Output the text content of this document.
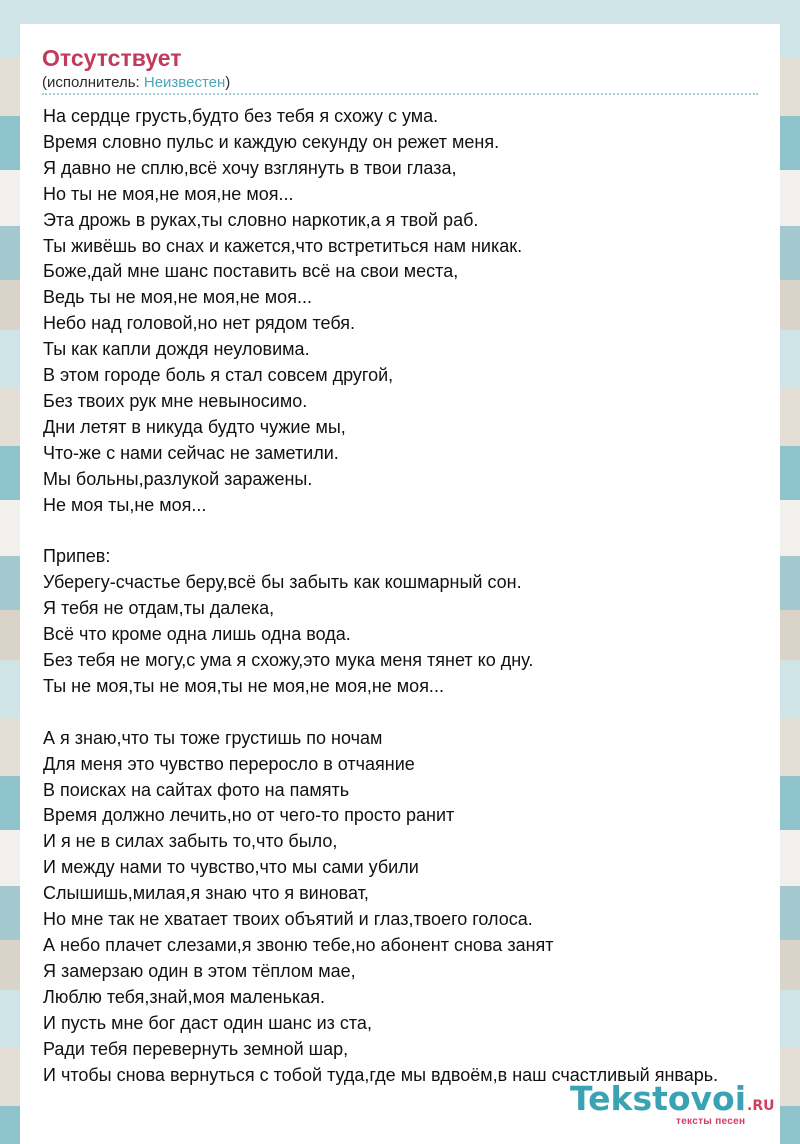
Отсутствует
(исполнитель: Неизвестен)
На сердце грусть,будто без тебя я схожу с ума.
Время словно пульс и каждую секунду он режет меня.
Я давно не сплю,всё хочу взглянуть в твои глаза,
Но ты не моя,не моя,не моя...
Эта дрожь в руках,ты словно наркотик,а я твой раб.
Ты живёшь во снах и кажется,что встретиться нам никак.
Боже,дай мне шанс поставить всё на свои места,
Ведь ты не моя,не моя,не моя...
Небо над головой,но нет рядом тебя.
Ты как капли дождя неуловима.
В этом городе боль я стал совсем другой,
Без твоих рук мне невыносимо.
Дни летят в никуда будто чужие мы,
Что-же с нами сейчас не заметили.
Мы больны,разлукой заражены.
Не моя ты,не моя...

Припев:
Уберегу-счастье беру,всё бы забыть как кошмарный сон.
Я тебя не отдам,ты далека,
Всё что кроме одна лишь одна вода.
Без тебя не могу,с ума я схожу,это мука меня тянет ко дну.
Ты не моя,ты не моя,ты не моя,не моя,не моя...

А я знаю,что ты тоже грустишь по ночам
Для меня это чувство переросло в отчаяние
В поисках на сайтах фото на память
Время должно лечить,но от чего-то просто ранит
И я не в силах забыть то,что было,
И между нами то чувство,что мы сами убили
Слышишь,милая,я знаю что я виноват,
Но мне так не хватает твоих объятий и глаз,твоего голоса.
А небо плачет слезами,я звоню тебе,но абонент снова занят
Я замерзаю один в этом тёплом мае,
Люблю тебя,знай,моя маленькая.
И пусть мне бог даст один шанс из ста,
Ради тебя перевернуть земной шар,
И чтобы снова вернуться с тобой туда,где мы вдвоём,в наш счастливый январь.
Tekstovoi.RU
тексты песен
